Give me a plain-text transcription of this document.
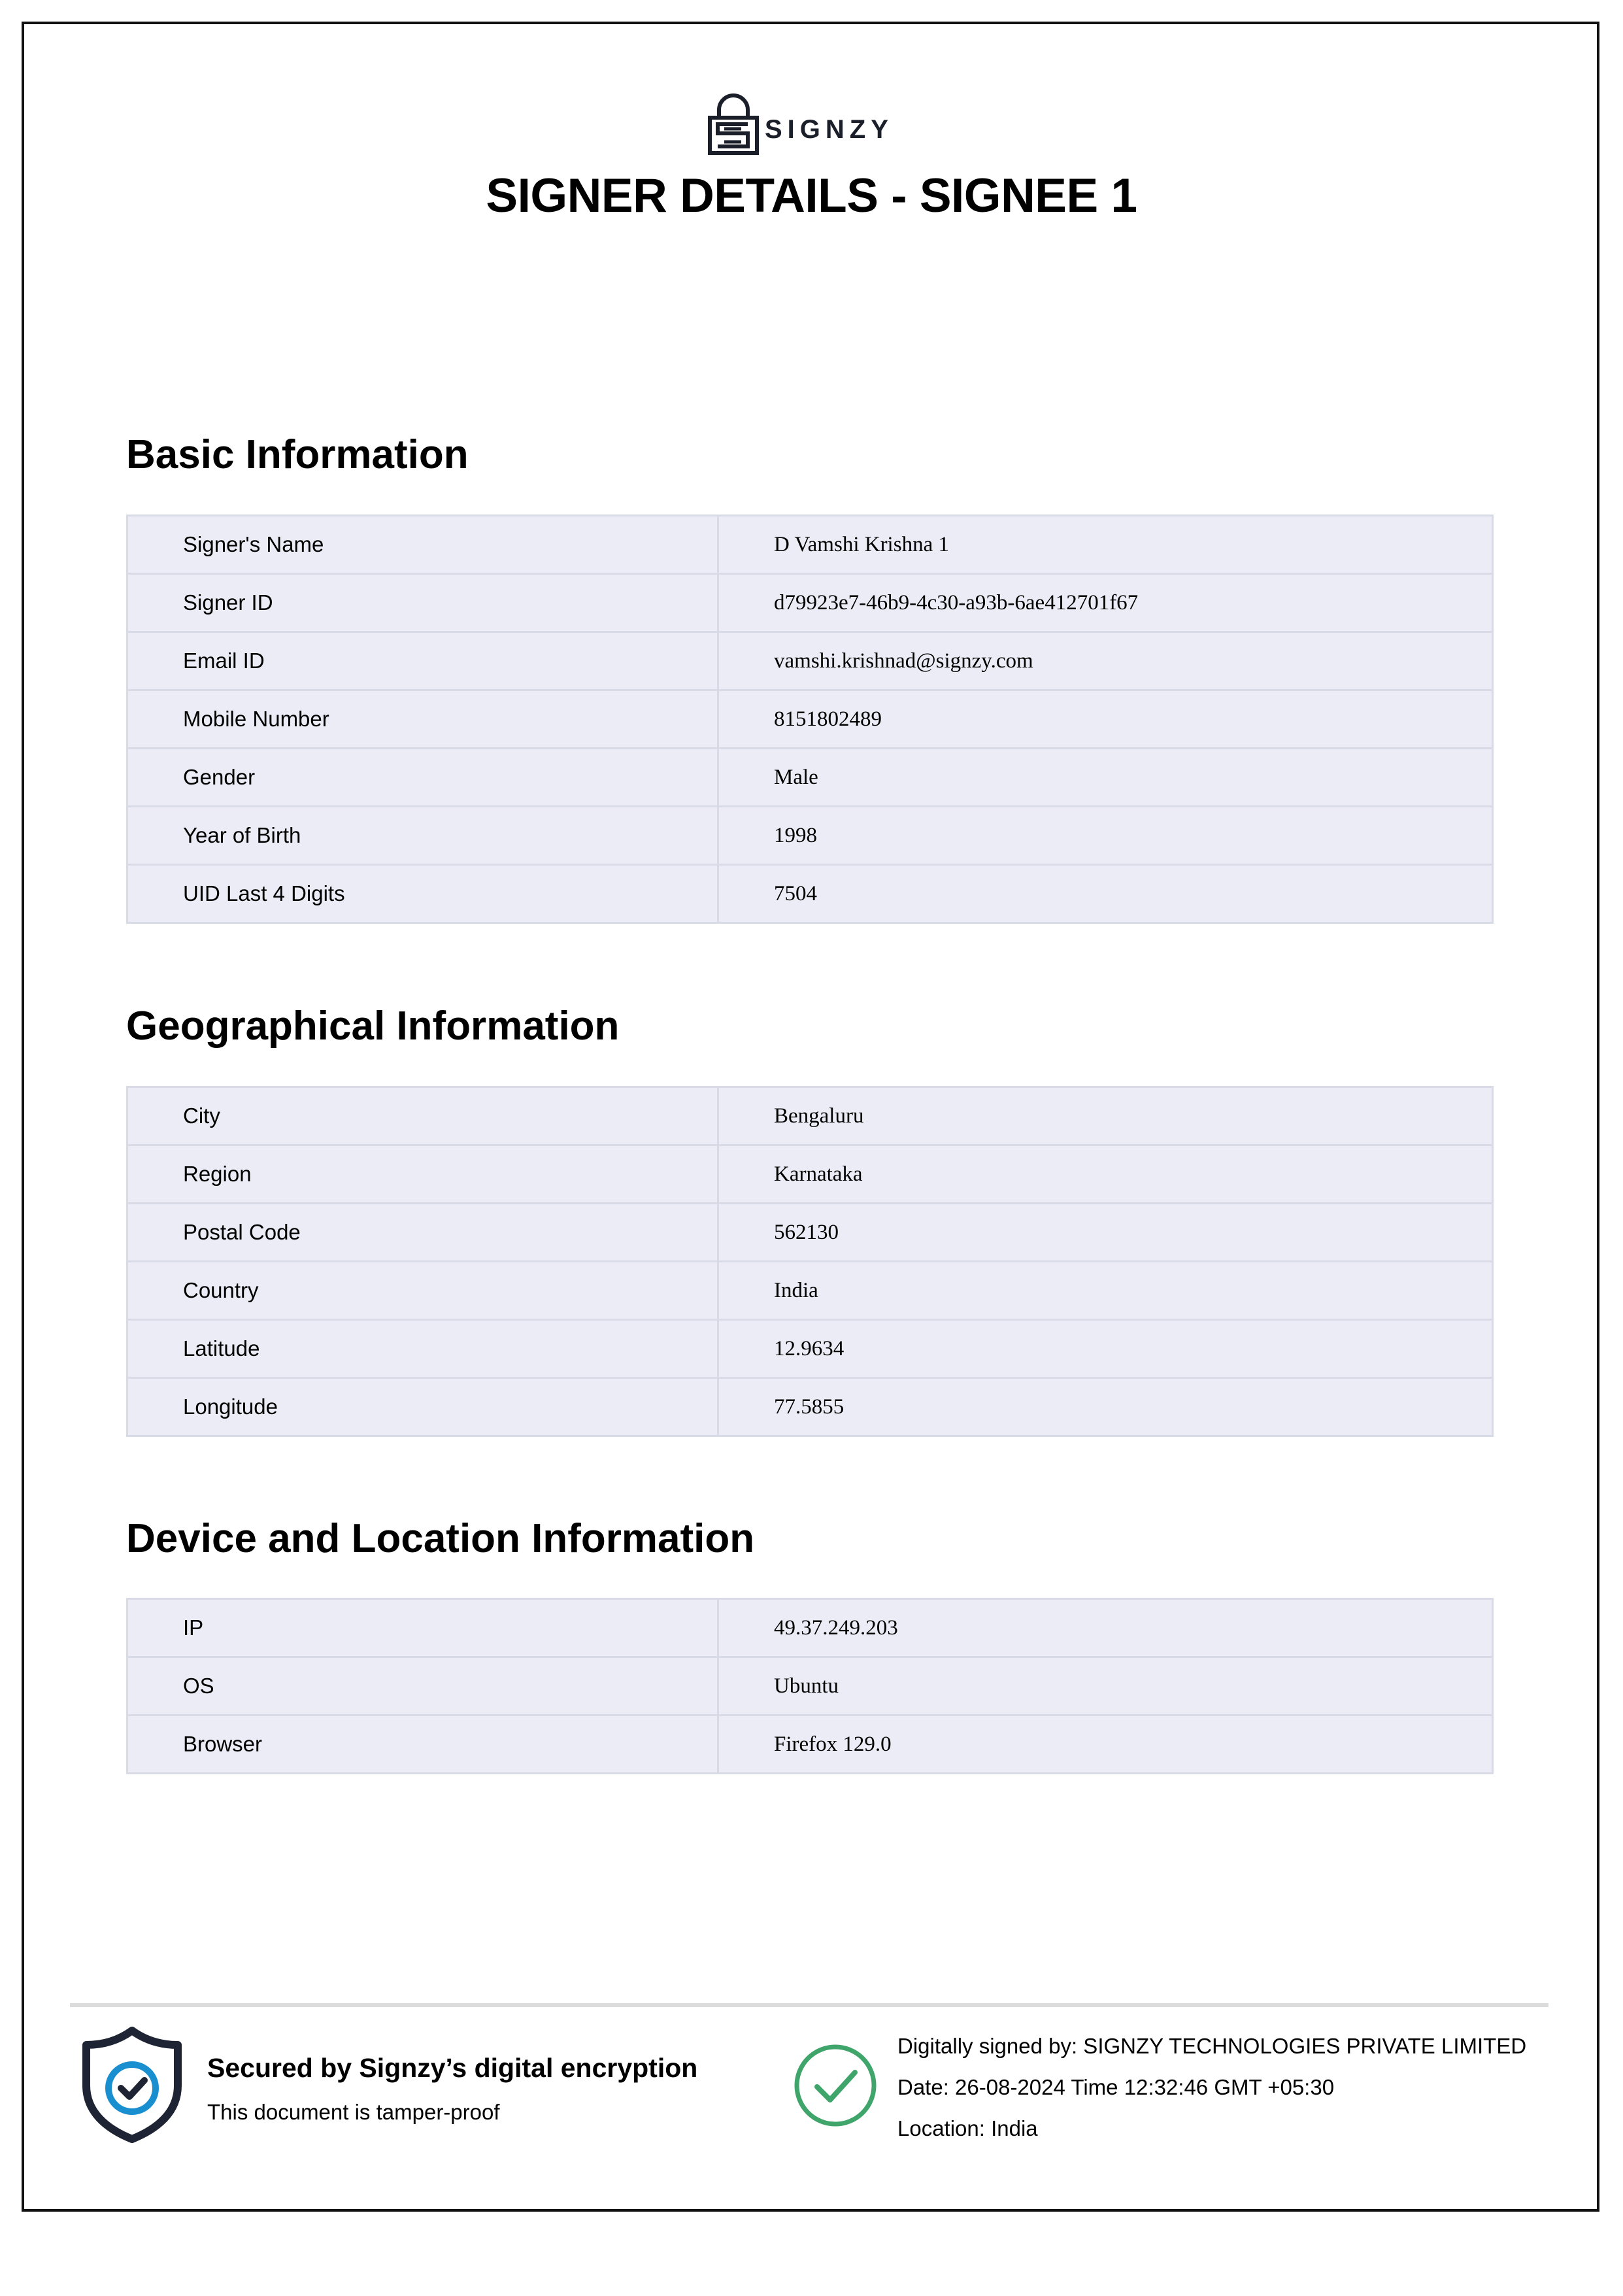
SIGNZY
SIGNER DETAILS - SIGNEE 1
Basic Information
Signer's Name	D Vamshi Krishna 1
Signer ID	d79923e7-46b9-4c30-a93b-6ae412701f67
Email ID	vamshi.krishnad@signzy.com
Mobile Number	8151802489
Gender	Male
Year of Birth	1998
UID Last 4 Digits	7504
Geographical Information
City	Bengaluru
Region	Karnataka
Postal Code	562130
Country	India
Latitude	12.9634
Longitude	77.5855
Device and Location Information
IP	49.37.249.203
OS	Ubuntu
Browser	Firefox 129.0
Secured by Signzy’s digital encryption
This document is tamper-proof
Digitally signed by: SIGNZY TECHNOLOGIES PRIVATE LIMITED
Date: 26-08-2024 Time 12:32:46 GMT +05:30
Location: India
